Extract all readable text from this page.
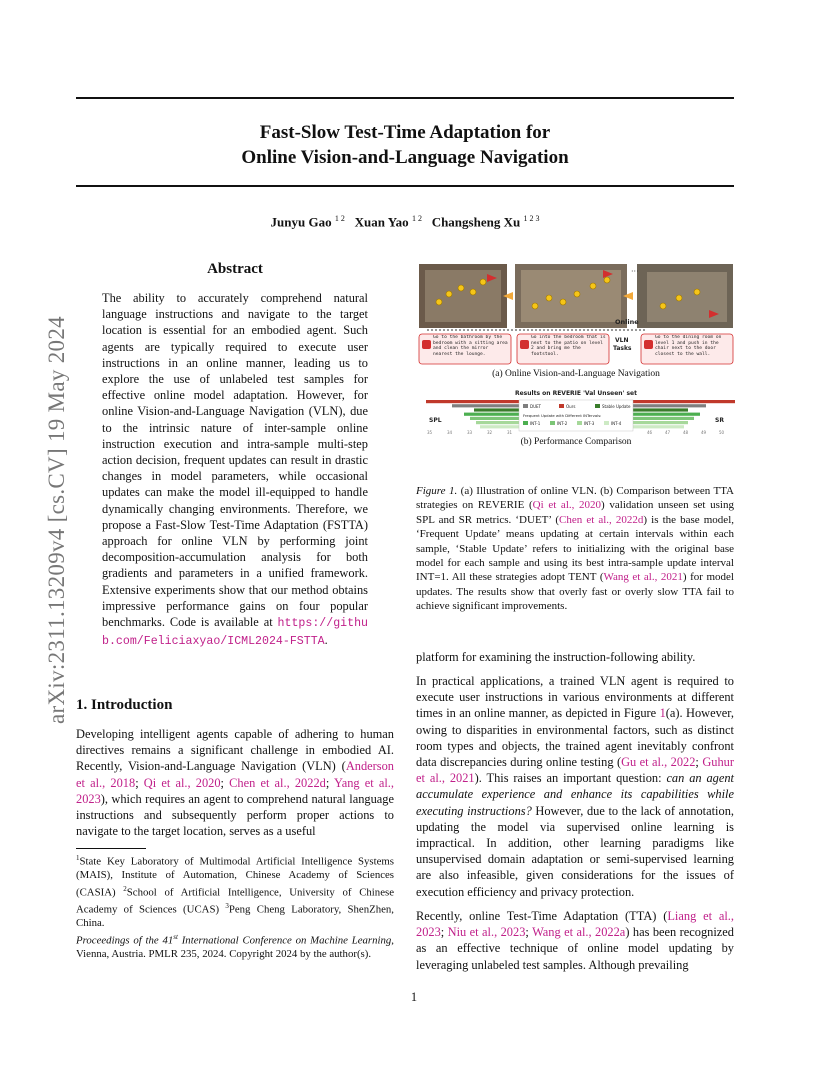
arXiv:2311.13209v4 [cs.CV] 19 May 2024
Fast-Slow Test-Time Adaptation for
Online Vision-and-Language Navigation
Junyu Gao $^{1 2}$ Xuan Yao $^{1 2}$ Changsheng Xu $^{1 2 3}$
Abstract
The ability to accurately comprehend natural language instructions and navigate to the target location is essential for an embodied agent. Such agents are typically required to execute user instructions in an online manner, leading us to explore the use of unlabeled test samples for effective online model adaptation. However, for online Vision-and-Language Navigation (VLN), due to the intrinsic nature of inter-sample online instruction execution and intra-sample multi-step action decision, frequent updates can result in drastic changes in model parameters, while occasional updates can make the model ill-equipped to handle dynamically changing environments. Therefore, we propose a Fast-Slow Test-Time Adaptation (FSTTA) approach for online VLN by performing joint decomposition-accumulation analysis for both gradients and parameters in a unified framework. Extensive experiments show that our method obtains impressive performance gains on four popular benchmarks. Code is available at https://github.com/Feliciaxyao/ICML2024-FSTTA.
1. Introduction
Developing intelligent agents capable of adhering to human directives remains a significant challenge in embodied AI. Recently, Vision-and-Language Navigation (VLN) (Anderson et al., 2018; Qi et al., 2020; Chen et al., 2022d; Yang et al., 2023), which requires an agent to comprehend natural language instructions and subsequently perform proper actions to navigate to the target location, serves as a useful
$^1$State Key Laboratory of Multimodal Artificial Intelligence Systems (MAIS), Institute of Automation, Chinese Academy of Sciences (CASIA) $^2$School of Artificial Intelligence, University of Chinese Academy of Sciences (UCAS) $^3$Peng Cheng Laboratory, ShenZhen, China.
Proceedings of the 41st International Conference on Machine Learning, Vienna, Austria. PMLR 235, 2024. Copyright 2024 by the author(s).
···
Online
Go to the bathroom by the bedroom with a sitting area and clean the mirror nearest the lounge.
Go into the bedroom that is next to the patio on level 2 and bring me the footstool.
Go to the dining room on level 1 and push in the chair next to the door closest to the wall.
VLN
Tasks
Results on REVERIE 'Val Unseen' set
SPL	SR
35	34	33	32	31	46	47	48	49	50
DUET	Ours	Stable Update
Frequent Update with Different INTervals:
INT-1	INT-2	INT-3	INT-4
(a) Online Vision-and-Language Navigation
(b) Performance Comparison
Figure 1. (a) Illustration of online VLN. (b) Comparison between TTA strategies on REVERIE (Qi et al., 2020) validation unseen set using SPL and SR metrics. ‘DUET’ (Chen et al., 2022d) is the base model, ‘Frequent Update’ means updating at certain intervals within each sample, ‘Stable Update’ refers to initializing with the original base model for each sample and using its best intra-sample update interval INT=1. All these strategies adopt TENT (Wang et al., 2021) for model updates. The results show that overly fast or overly slow TTA fail to achieve significant improvements.
platform for examining the instruction-following ability.
In practical applications, a trained VLN agent is required to execute user instructions in various environments at different times in an online manner, as depicted in Figure 1(a). However, owing to disparities in environmental factors, such as distinct room types and objects, the trained agent inevitably confront data discrepancies during online testing (Gu et al., 2022; Guhur et al., 2021). This raises an important question: can an agent accumulate experience and enhance its capabilities while executing instructions? However, due to the lack of annotation, updating the model via supervised online learning is impractical. In addition, other learning paradigms like unsupervised domain adaptation or semi-supervised learning are also infeasible, given considerations for the issues of execution efficiency and privacy protection.
Recently, online Test-Time Adaptation (TTA) (Liang et al., 2023; Niu et al., 2023; Wang et al., 2022a) has been recognized as an effective technique of online model updating by leveraging unlabeled test samples. Although prevailing
1
